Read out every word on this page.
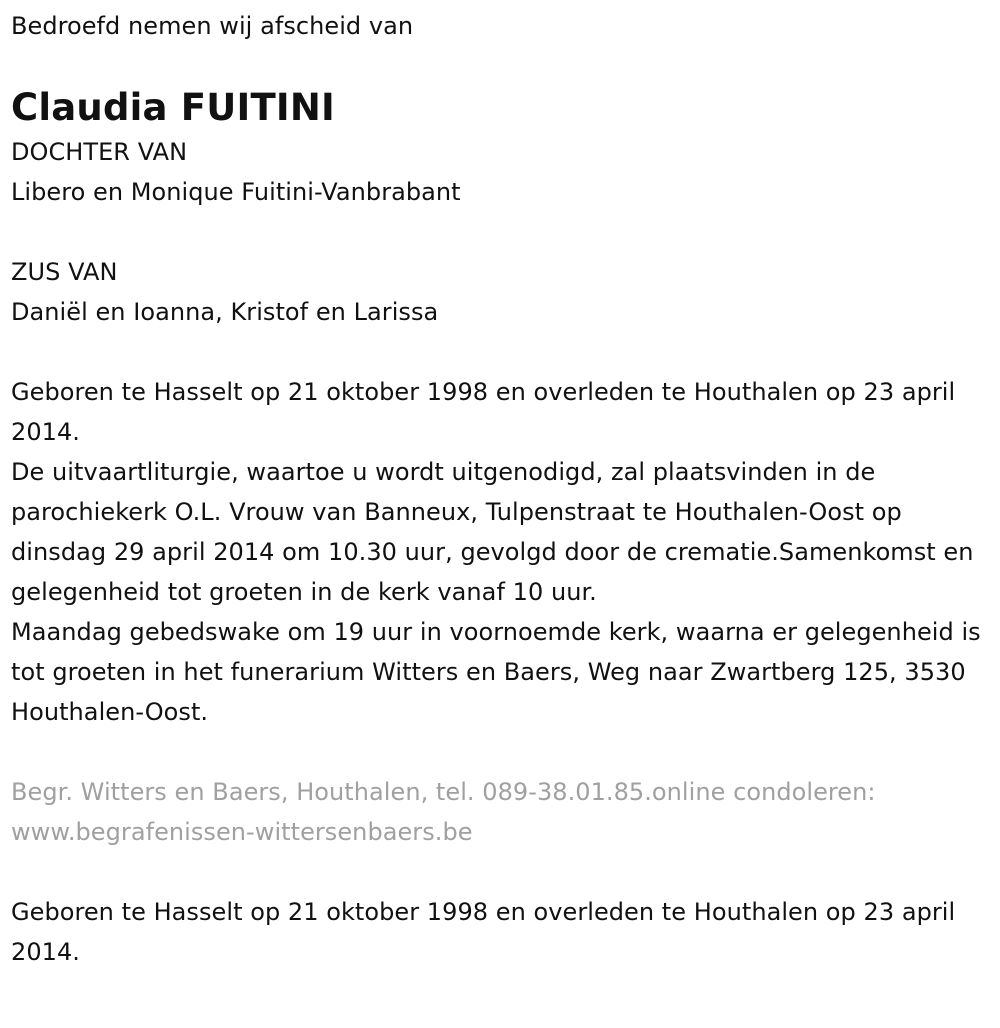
Bedroefd nemen wij afscheid van

Claudia FUITINI

DOCHTER VAN

Libero en Monique Fuitini-Vanbrabant

ZUS VAN

Daniël en Ioanna, Kristof en Larissa

Geboren te Hasselt op 21 oktober 1998 en overleden te Houthalen op 23 april 2014.

De uitvaartliturgie, waartoe u wordt uitgenodigd, zal plaatsvinden in de parochiekerk O.L. Vrouw van Banneux, Tulpenstraat te Houthalen-Oost op dinsdag 29 april 2014 om 10.30 uur, gevolgd door de crematie.Samenkomst en gelegenheid tot groeten in de kerk vanaf 10 uur.

Maandag gebedswake om 19 uur in voornoemde kerk, waarna er gelegenheid is tot groeten in het funerarium Witters en Baers, Weg naar Zwartberg 125, 3530 Houthalen-Oost.

Begr. Witters en Baers, Houthalen, tel. 089-38.01.85.online condoleren: www.begrafenissen-wittersenbaers.be

Geboren te Hasselt op 21 oktober 1998 en overleden te Houthalen op 23 april 2014.
